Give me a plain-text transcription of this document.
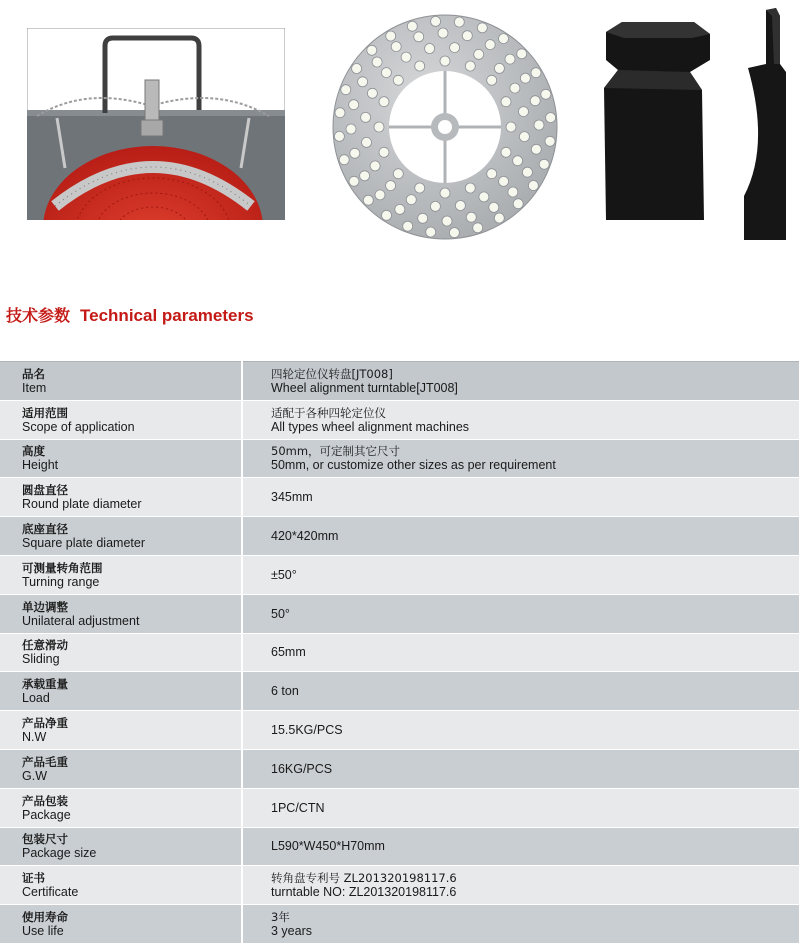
技术参数 Technical parameters
品名
Item	四轮定位仪转盘[JT008]
Wheel alignment turntable[JT008]

适用范围
Scope of application	适配于各种四轮定位仪
All types wheel alignment machines

高度
Height	50mm，可定制其它尺寸
50mm, or customize other sizes as per requirement

圆盘直径
Round plate diameter	345mm

底座直径
Square plate diameter	420*420mm

可测量转角范围
Turning range	±50°

单边调整
Unilateral adjustment	50°

任意滑动
Sliding	65mm

承载重量
Load	6 ton

产品净重
N.W	15.5KG/PCS

产品毛重
G.W	16KG/PCS

产品包装
Package	1PC/CTN

包装尺寸
Package size	L590*W450*H70mm

证书
Certificate	转角盘专利号 ZL201320198117.6
turntable NO: ZL201320198117.6

使用寿命
Use life	3年
3 years
